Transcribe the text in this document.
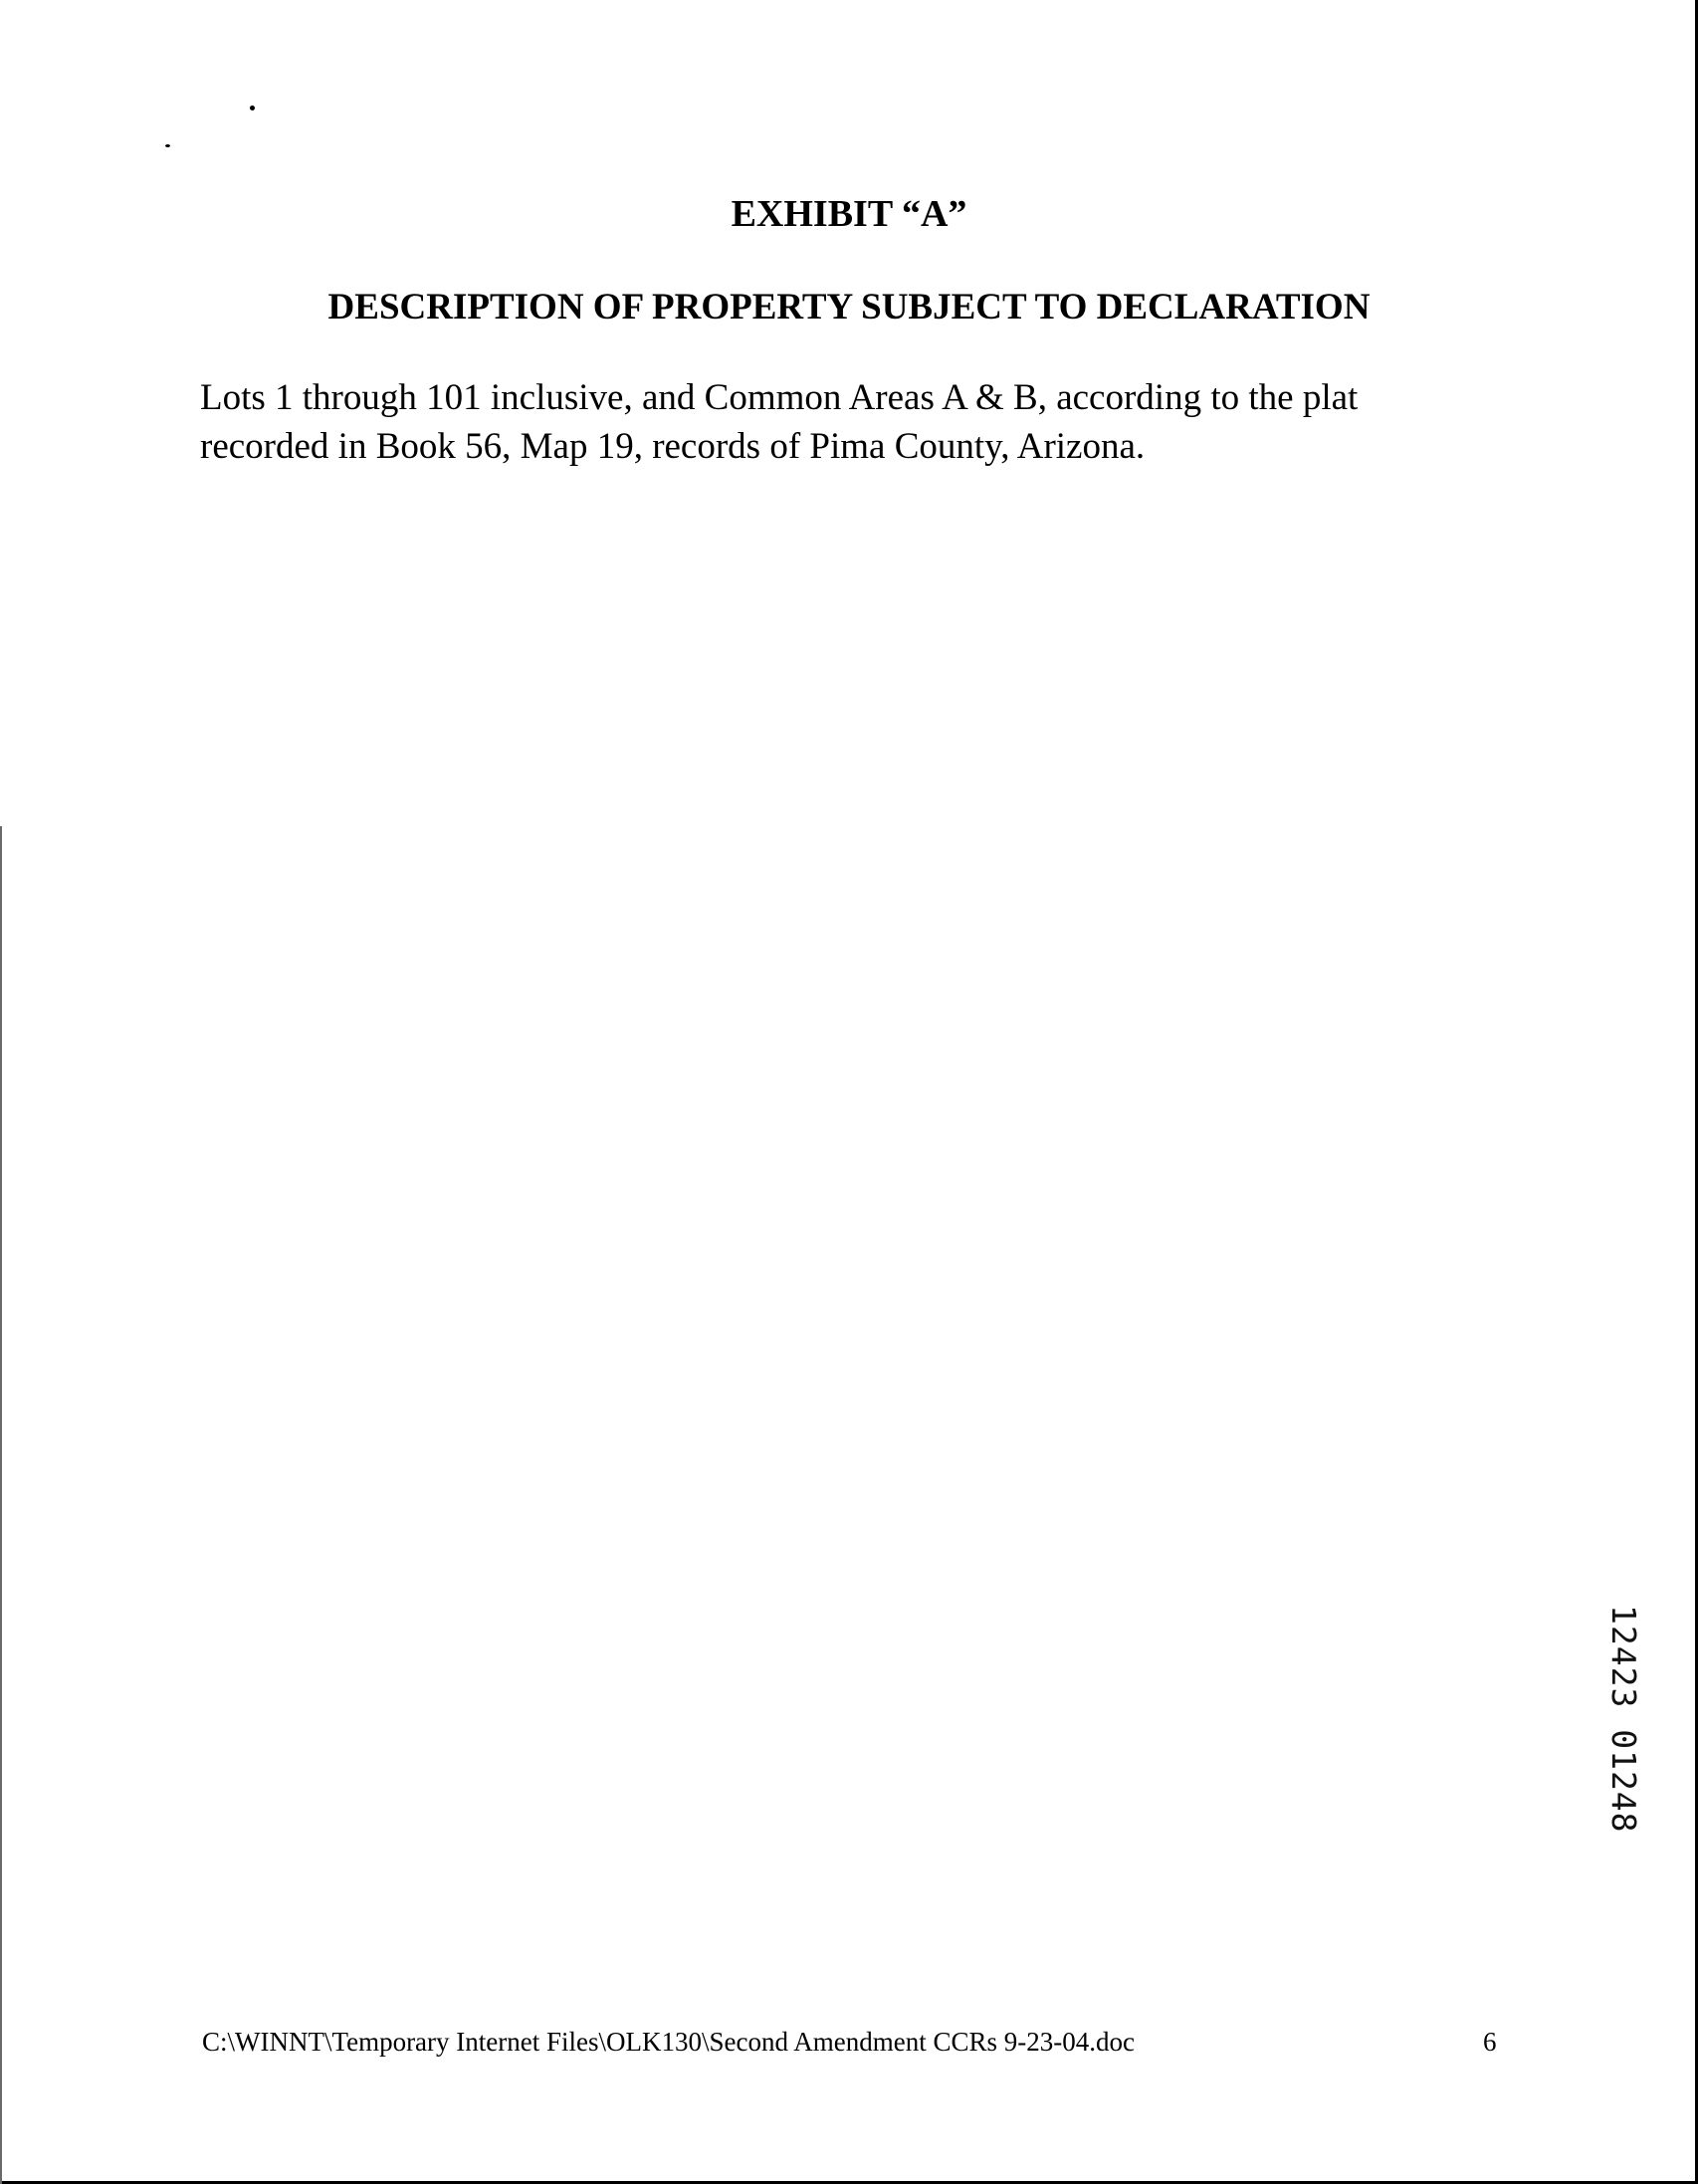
EXHIBIT “A”
DESCRIPTION OF PROPERTY SUBJECT TO DECLARATION

Lots 1 through 101 inclusive, and Common Areas A & B, according to the plat
recorded in Book 56, Map 19, records of Pima County, Arizona.

12423 01248
C:\WINNT\Temporary Internet Files\OLK130\Second Amendment CCRs 9-23-04.doc	6
